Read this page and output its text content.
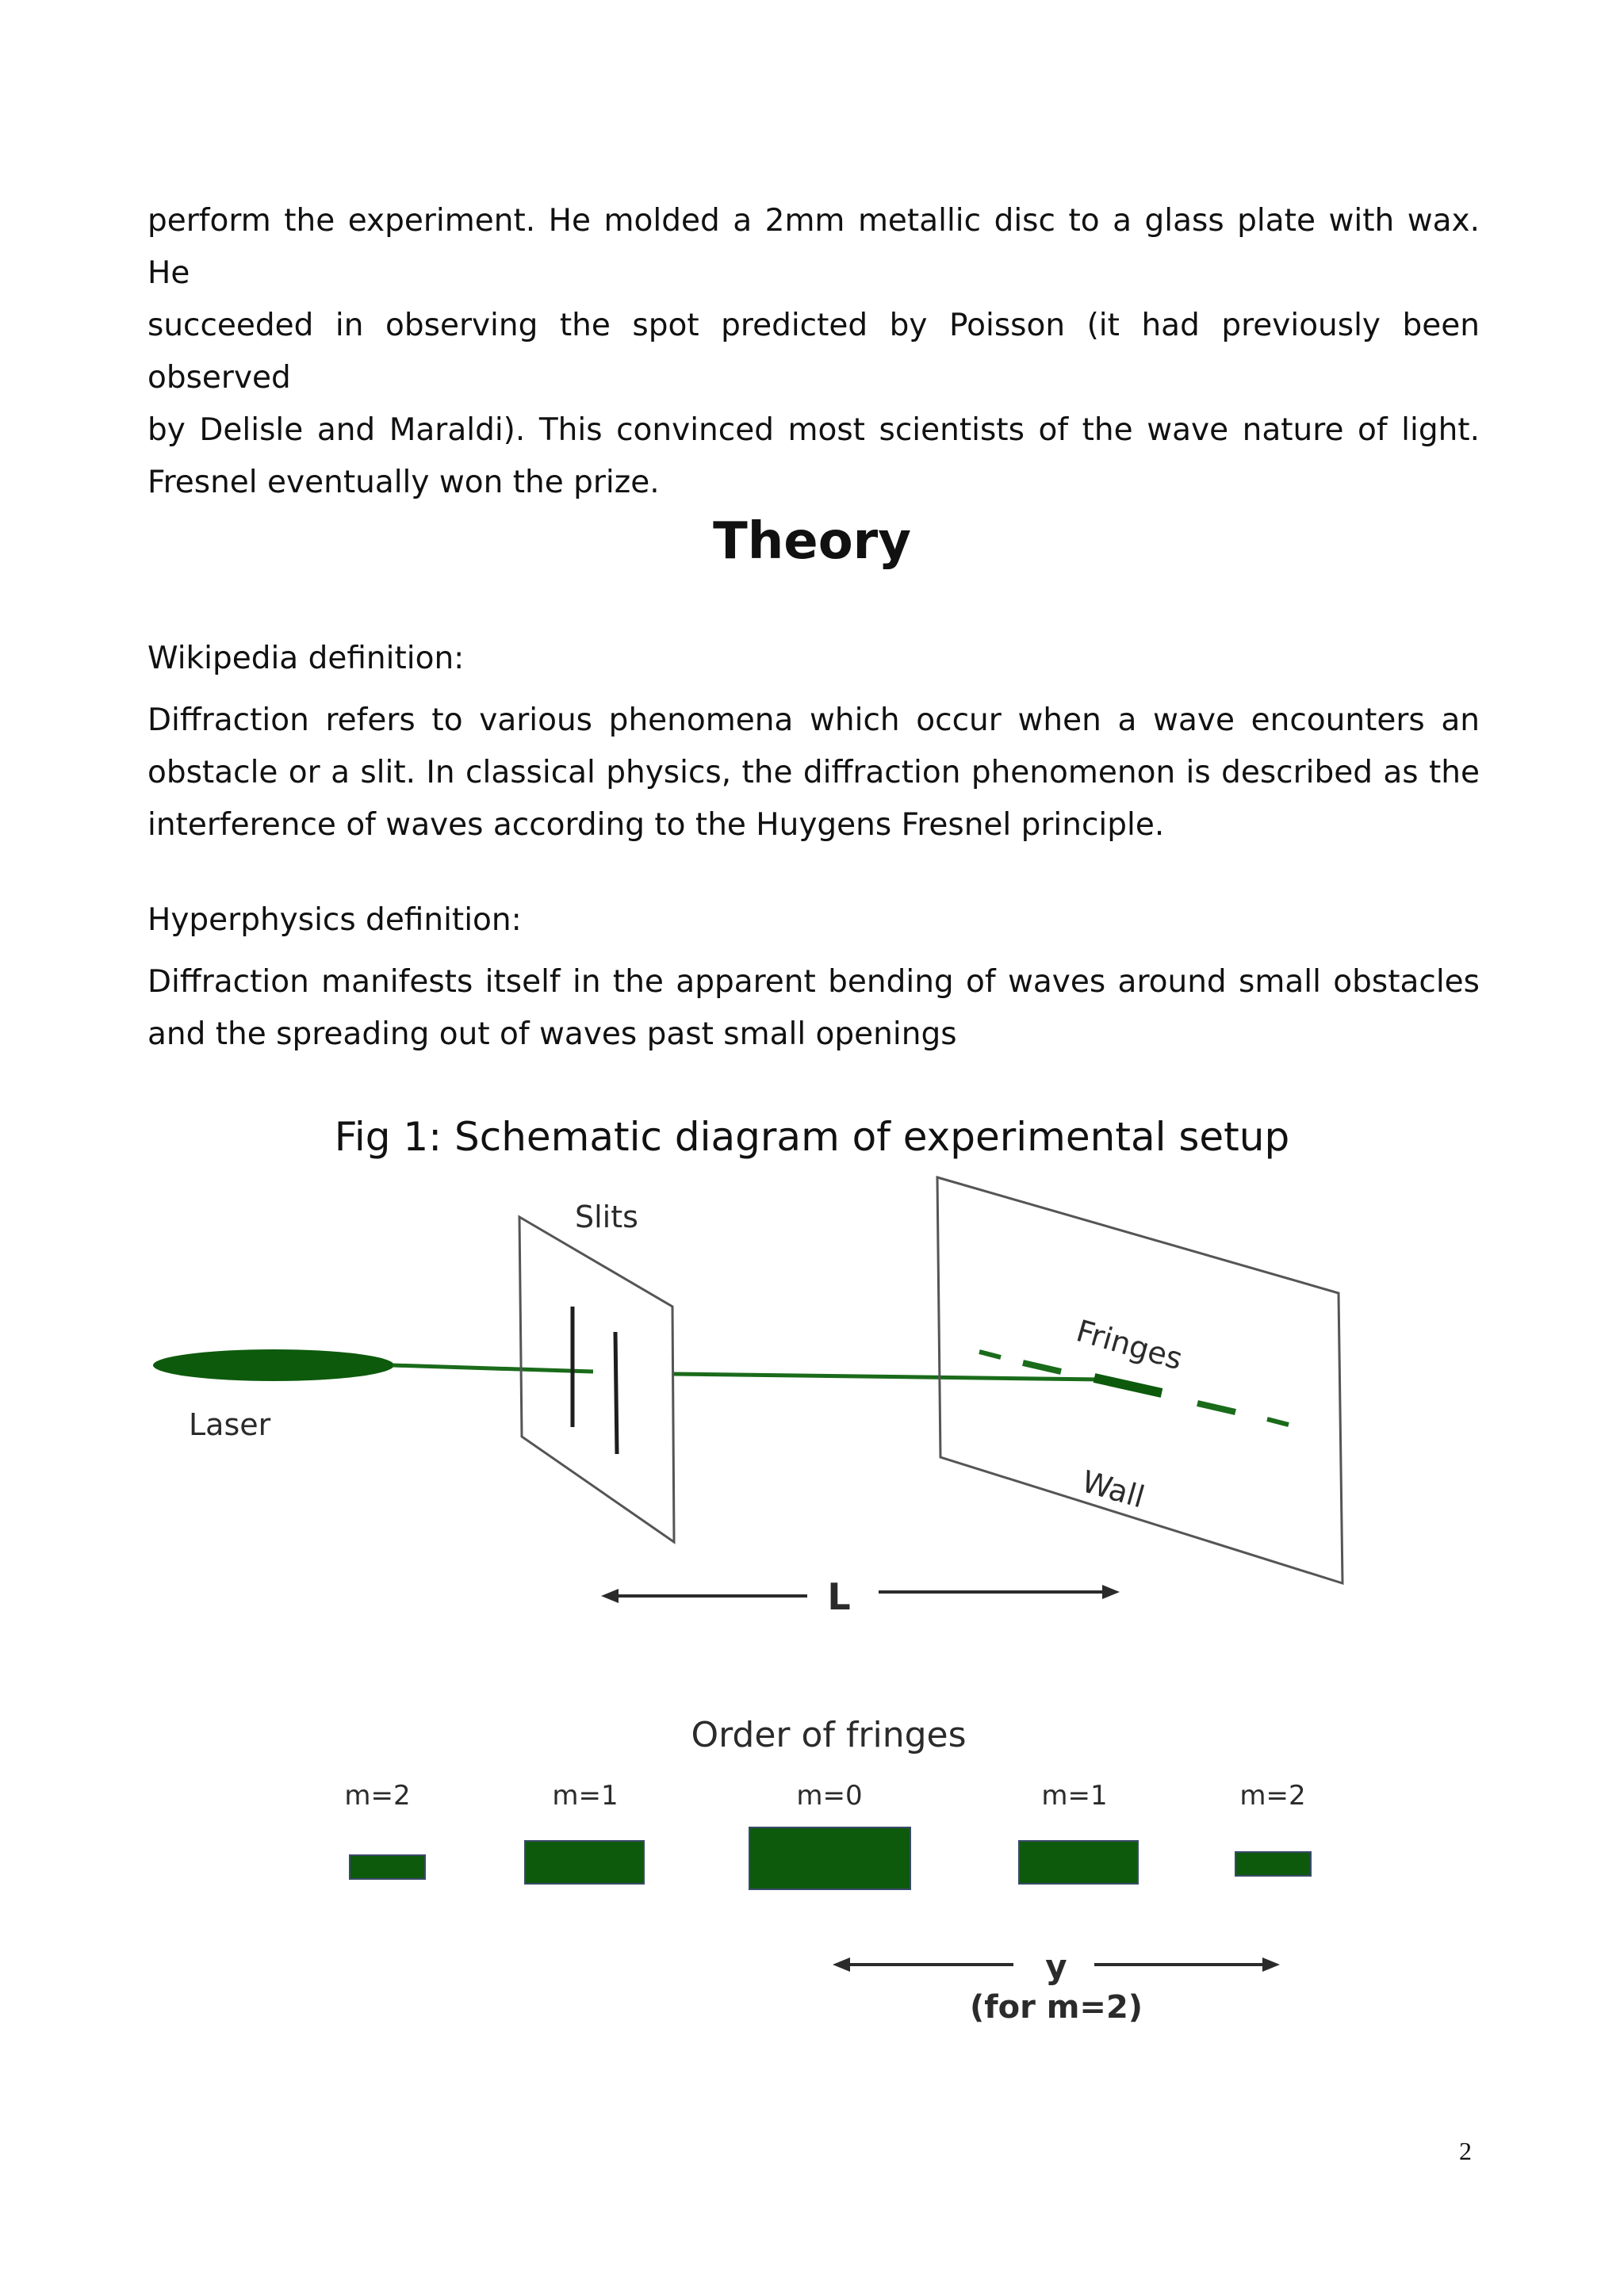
perform the experiment. He molded a 2mm metallic disc to a glass plate with wax. He
succeeded in observing the spot predicted by Poisson (it had previously been observed
by Delisle and Maraldi). This convinced most scientists of the wave nature of light.
Fresnel eventually won the prize.
Theory

Wikipedia definition:

Diffraction refers to various phenomena which occur when a wave encounters an
obstacle or a slit. In classical physics, the diffraction phenomenon is described as the
interference of waves according to the Huygens Fresnel principle.

Hyperphysics definition:

Diffraction manifests itself in the apparent bending of waves around small obstacles
and the spreading out of waves past small openings

Fig 1: Schematic diagram of experimental setup

Slits
Laser
Fringes
Wall
L
Order of fringes
m=2	m=1	m=0	m=1	m=2
y
(for m=2)
2
